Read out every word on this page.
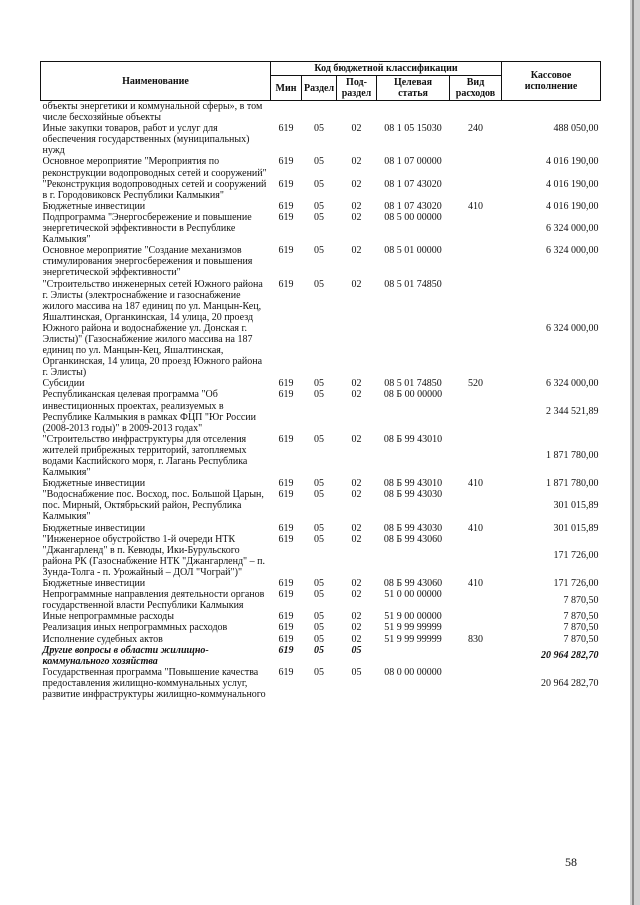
Наименование	Код бюджетной классификации					Кассовое исполнение
	Мин	Раздел	Под-раздел	Целевая статья	Вид расходов	
объекты энергетики и коммунальной сферы», в том числе бесхозяйные объекты						
Иные закупки товаров, работ и услуг для обеспечения государственных (муниципальных) нужд	619	05	02	08 1 05 15030	240	488 050,00
Основное мероприятие "Мероприятия по реконструкции водопроводных сетей и сооружений"	619	05	02	08 1 07 00000		4 016 190,00
"Реконструкция водопроводных сетей и сооружений в г. Городовиковск Республики Калмыкия"	619	05	02	08 1 07 43020		4 016 190,00
Бюджетные инвестиции	619	05	02	08 1 07 43020	410	4 016 190,00
Подпрограмма "Энергосбережение и повышение энергетической эффективности в Республике Калмыкия"	619	05	02	08 5 00 00000		6 324 000,00
Основное мероприятие "Создание механизмов стимулирования энергосбережения и повышения энергетической эффективности"	619	05	02	08 5 01 00000		6 324 000,00
"Строительство инженерных сетей Южного района г. Элисты (электроснабжение и газоснабжение жилого массива на 187 единиц по ул. Манцын-Кец, Яшалтинская, Органкинская, 14 улица, 20 проезд Южного района и водоснабжение ул. Донская г. Элисты)" (Газоснабжение жилого массива на 187 единиц по ул. Манцын-Кец, Яшалтинская, Органкинская, 14 улица, 20 проезд Южного района г. Элисты)	619	05	02	08 5 01 74850		6 324 000,00
Субсидии	619	05	02	08 5 01 74850	520	6 324 000,00
Республиканская целевая программа "Об инвестиционных проектах, реализуемых в Республике Калмыкия в рамках ФЦП "Юг России (2008-2013 годы)" в 2009-2013 годах"	619	05	02	08 Б 00 00000		2 344 521,89
"Строительство инфраструктуры для отселения жителей прибрежных территорий, затопляемых водами Каспийского моря, г. Лагань Республика Калмыкия"	619	05	02	08 Б 99 43010		1 871 780,00
Бюджетные инвестиции	619	05	02	08 Б 99 43010	410	1 871 780,00
"Водоснабжение пос. Восход, пос. Большой Царын, пос. Мирный, Октябрьский район, Республика Калмыкия"	619	05	02	08 Б 99 43030		301 015,89
Бюджетные инвестиции	619	05	02	08 Б 99 43030	410	301 015,89
"Инженерное обустройство 1-й очереди НТК "Джангарленд" в п. Кевюды, Ики-Бурульского района РК (Газоснабжение НТК "Джангарленд" – п. Зунда-Толга - п. Урожайный – ДОЛ "Чограй")"	619	05	02	08 Б 99 43060		171 726,00
Бюджетные инвестиции	619	05	02	08 Б 99 43060	410	171 726,00
Непрограммные направления деятельности органов государственной власти Республики Калмыкия	619	05	02	51 0 00 00000		7 870,50
Иные непрограммные расходы	619	05	02	51 9 00 00000		7 870,50
Реализация иных непрограммных расходов	619	05	02	51 9 99 99999		7 870,50
Исполнение судебных актов	619	05	02	51 9 99 99999	830	7 870,50
Другие вопросы в области жилищно-коммунального хозяйства	619	05	05			20 964 282,70
Государственная программа "Повышение качества предоставления жилищно-коммунальных услуг, развитие инфраструктуры жилищно-коммунального	619	05	05	08 0 00 00000		20 964 282,70
58
